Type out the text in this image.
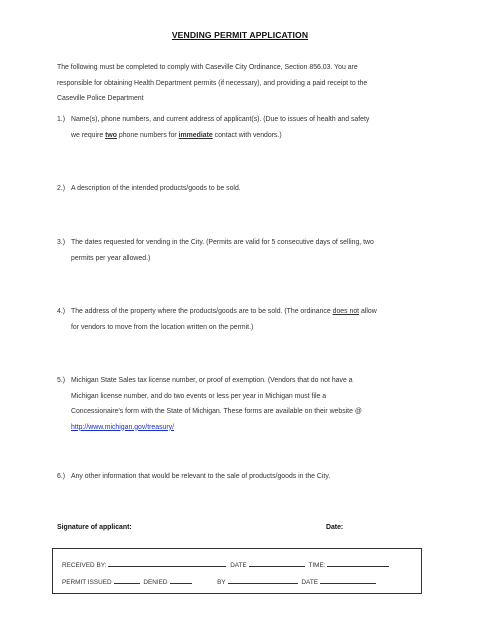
VENDING PERMIT APPLICATION
The following must be completed to comply with Caseville City Ordinance, Section 856.03. You are
responsible for obtaining Health Department permits (if necessary), and providing a paid receipt to the
Caseville Police Department
1.) Name(s), phone numbers, and current address of applicant(s). (Due to issues of health and safety
we require two phone numbers for immediate contact with vendors.)
2.) A description of the intended products/goods to be sold.
3.) The dates requested for vending in the City. (Permits are valid for 5 consecutive days of selling, two
permits per year allowed.)
4.) The address of the property where the products/goods are to be sold. (The ordinance does not allow
for vendors to move from the location written on the permit.)
5.) Michigan State Sales tax license number, or proof of exemption. (Vendors that do not have a
Michigan license number, and do two events or less per year in Michigan must file a
Concessionaire's form with the State of Michigan. These forms are available on their website @
http://www.michigan.gov/treasury/
6.) Any other information that would be relevant to the sale of products/goods in the City.
Signature of applicant:	Date:
RECEIVED BY:	DATE	TIME:
PERMIT ISSUED	DENIED	BY	DATE
